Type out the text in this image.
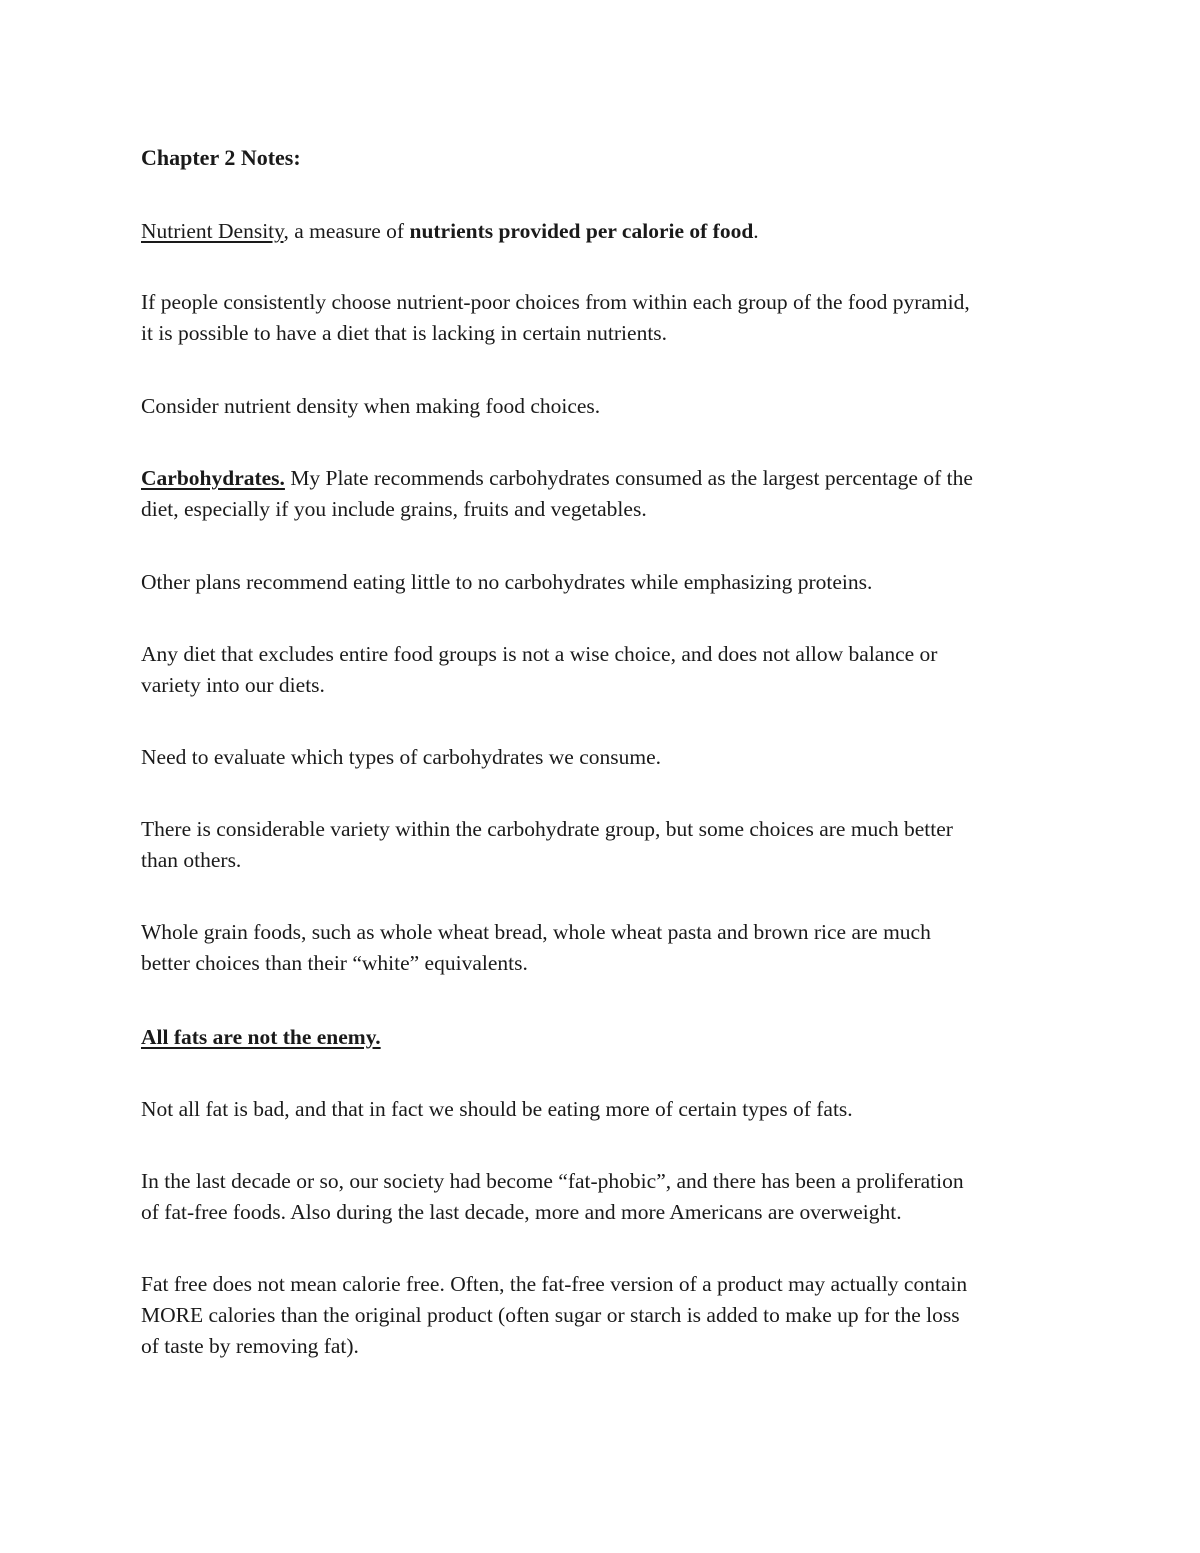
Chapter 2 Notes:
Nutrient Density, a measure of nutrients provided per calorie of food.
If people consistently choose nutrient-poor choices from within each group of the food pyramid,
it is possible to have a diet that is lacking in certain nutrients.
Consider nutrient density when making food choices.
Carbohydrates. My Plate recommends carbohydrates consumed as the largest percentage of the
diet, especially if you include grains, fruits and vegetables.
Other plans recommend eating little to no carbohydrates while emphasizing proteins.
Any diet that excludes entire food groups is not a wise choice, and does not allow balance or
variety into our diets.
Need to evaluate which types of carbohydrates we consume.
There is considerable variety within the carbohydrate group, but some choices are much better
than others.
Whole grain foods, such as whole wheat bread, whole wheat pasta and brown rice are much
better choices than their “white” equivalents.
All fats are not the enemy.
Not all fat is bad, and that in fact we should be eating more of certain types of fats.
In the last decade or so, our society had become “fat-phobic”, and there has been a proliferation
of fat-free foods. Also during the last decade, more and more Americans are overweight.
Fat free does not mean calorie free. Often, the fat-free version of a product may actually contain
MORE calories than the original product (often sugar or starch is added to make up for the loss
of taste by removing fat).
